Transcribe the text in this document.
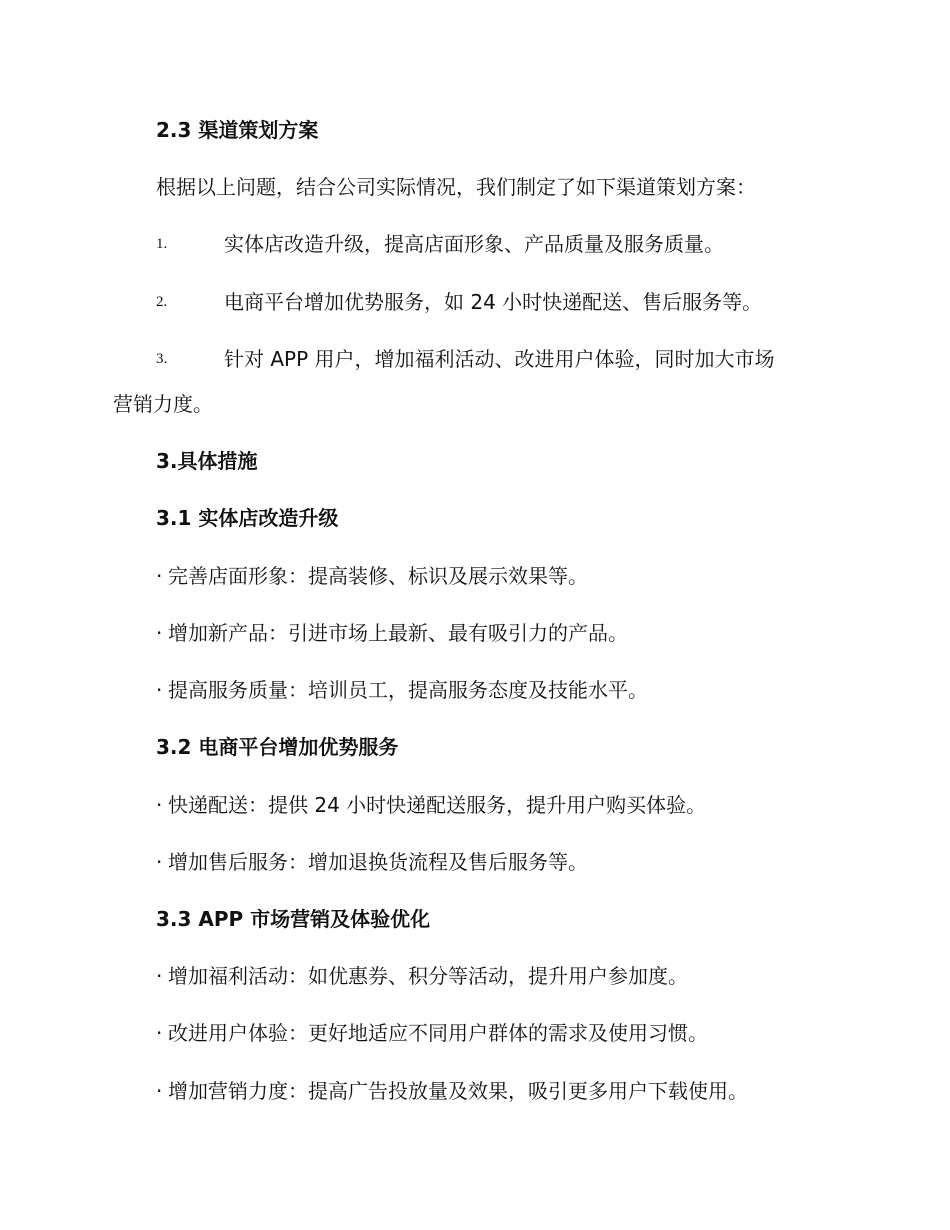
2.3 渠道策划方案
根据以上问题，结合公司实际情况，我们制定了如下渠道策划方案：
1.	实体店改造升级，提高店面形象、产品质量及服务质量。
2.	电商平台增加优势服务，如 24 小时快递配送、售后服务等。
3.	针对 APP 用户，增加福利活动、改进用户体验，同时加大市场
营销力度。
3.具体措施
3.1 实体店改造升级
· 完善店面形象：提高装修、标识及展示效果等。
· 增加新产品：引进市场上最新、最有吸引力的产品。
· 提高服务质量：培训员工，提高服务态度及技能水平。
3.2 电商平台增加优势服务
· 快递配送：提供 24 小时快递配送服务，提升用户购买体验。
· 增加售后服务：增加退换货流程及售后服务等。
3.3 APP 市场营销及体验优化
· 增加福利活动：如优惠券、积分等活动，提升用户参加度。
· 改进用户体验：更好地适应不同用户群体的需求及使用习惯。
· 增加营销力度：提高广告投放量及效果，吸引更多用户下载使用。
